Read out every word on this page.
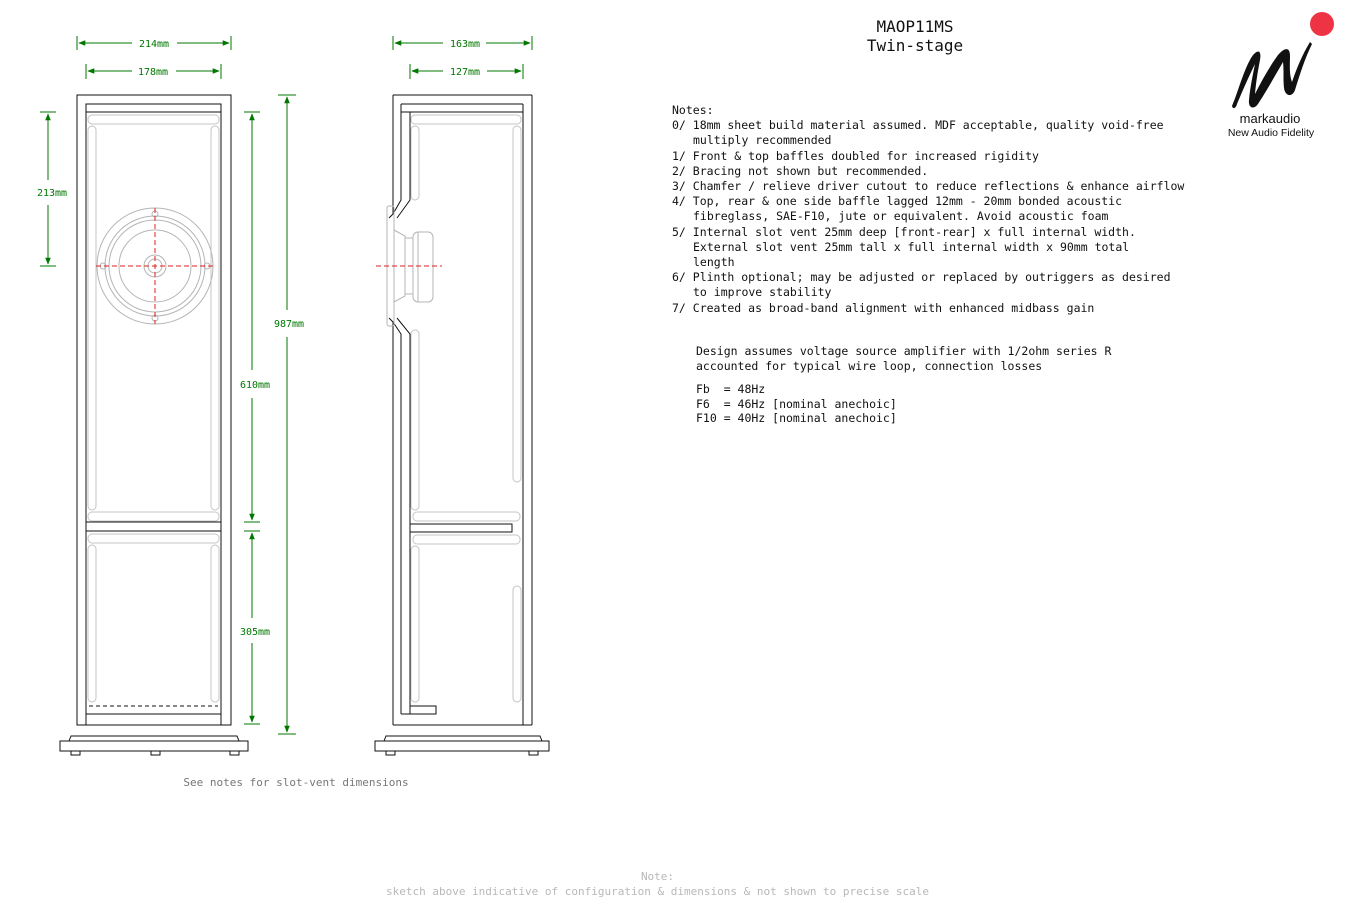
214mm
178mm
213mm
610mm
305mm
987mm
163mm
127mm
MAOP11MS
Twin-stage
markaudio
New Audio Fidelity
Notes:
0/ 18mm sheet build material assumed. MDF acceptable, quality void-free
multiply recommended
1/ Front & top baffles doubled for increased rigidity
2/ Bracing not shown but recommended.
3/ Chamfer / relieve driver cutout to reduce reflections & enhance airflow
4/ Top, rear & one side baffle lagged 12mm - 20mm bonded acoustic
fibreglass, SAE-F10, jute or equivalent. Avoid acoustic foam
5/ Internal slot vent 25mm deep [front-rear] x full internal width.
External slot vent 25mm tall x full internal width x 90mm total
length
6/ Plinth optional; may be adjusted or replaced by outriggers as desired
to improve stability
7/ Created as broad-band alignment with enhanced midbass gain
Design assumes voltage source amplifier with 1/2ohm series R
accounted for typical wire loop, connection losses
Fb  = 48Hz
F6  = 46Hz [nominal anechoic]
F10 = 40Hz [nominal anechoic]
See notes for slot-vent dimensions
Note:
sketch above indicative of configuration & dimensions & not shown to precise scale
